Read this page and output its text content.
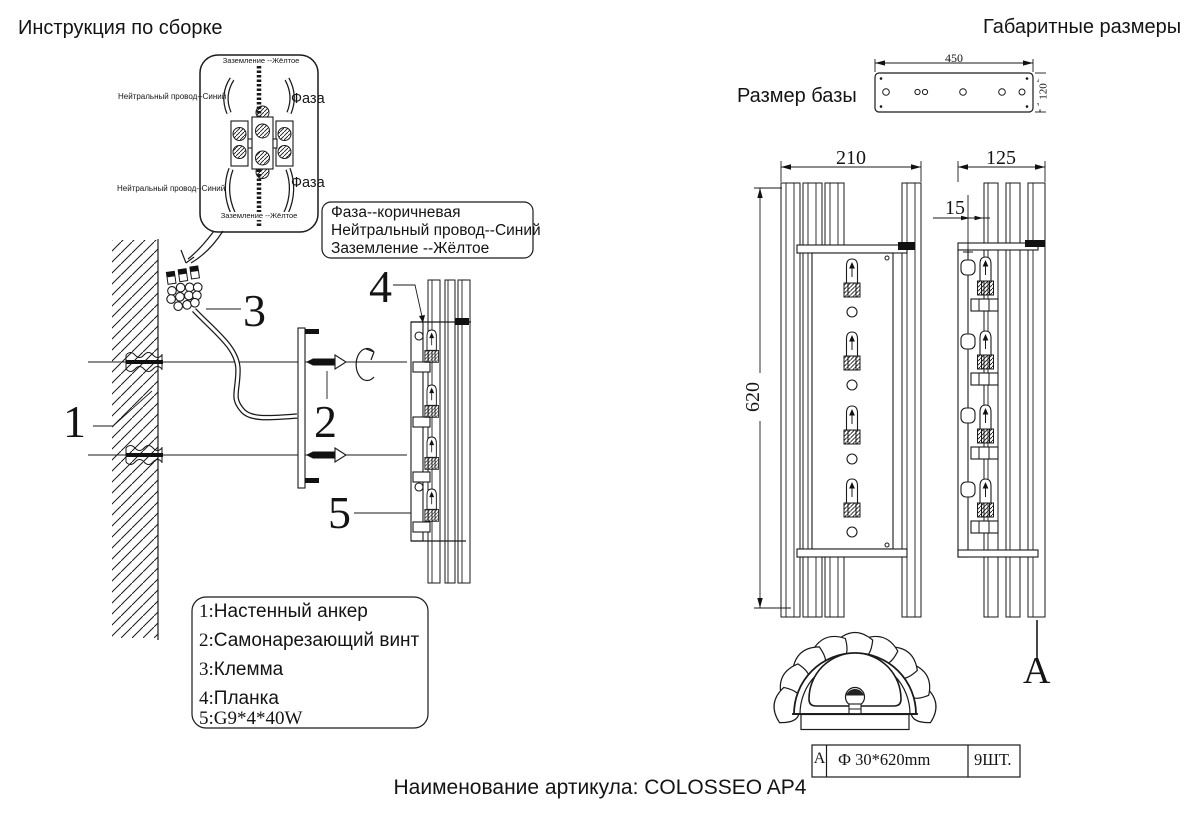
Инструкция по сборке	Габаритные размеры
Размер базы
Наименование артикула: COLOSSEO AP4
Заземление --Жёлтое
Нейтральный провод--Синий	Фаза
Нейтральный провод--Синий	Фаза
Заземление --Жёлтое	Фаза--коричневая
Нейтральный провод--Синий
Заземление --Жёлтое
1	2
3 4
5
1:Настенный анкер
2:Самонарезающий винт
3:Клемма
4:Планка
5:G9*4*40W
450
120
210	125
620
15
A
A Ф 30*620mm	9ШТ.
